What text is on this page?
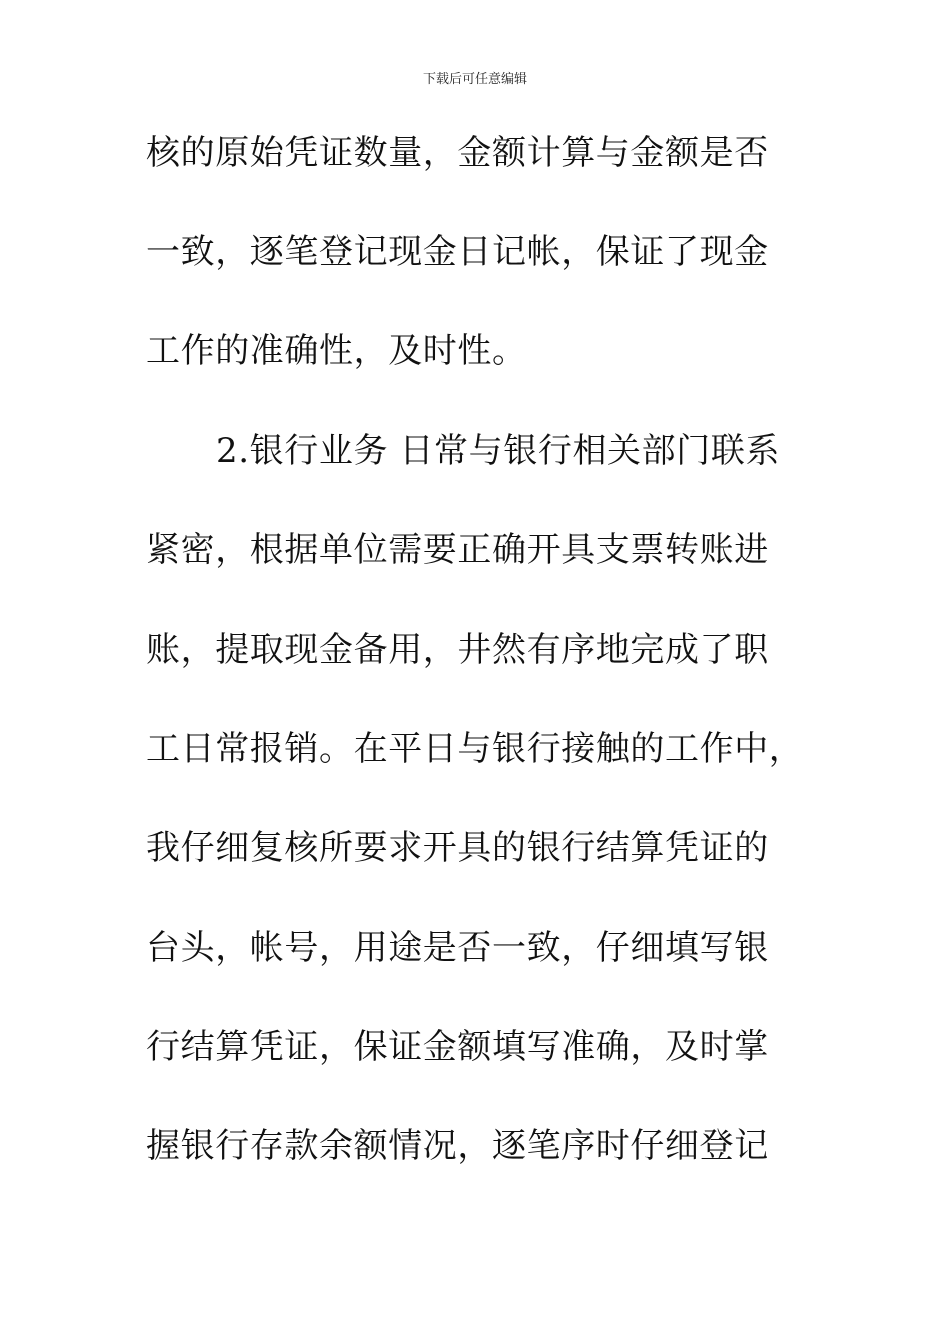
下载后可任意编辑
核的原始凭证数量，金额计算与金额是否
一致，逐笔登记现金日记帐，保证了现金
工作的准确性，及时性。
2.银行业务 日常与银行相关部门联系
紧密，根据单位需要正确开具支票转账进
账，提取现金备用，井然有序地完成了职
工日常报销。在平日与银行接触的工作中，
我仔细复核所要求开具的银行结算凭证的
台头，帐号，用途是否一致，仔细填写银
行结算凭证，保证金额填写准确，及时掌
握银行存款余额情况，逐笔序时仔细登记
